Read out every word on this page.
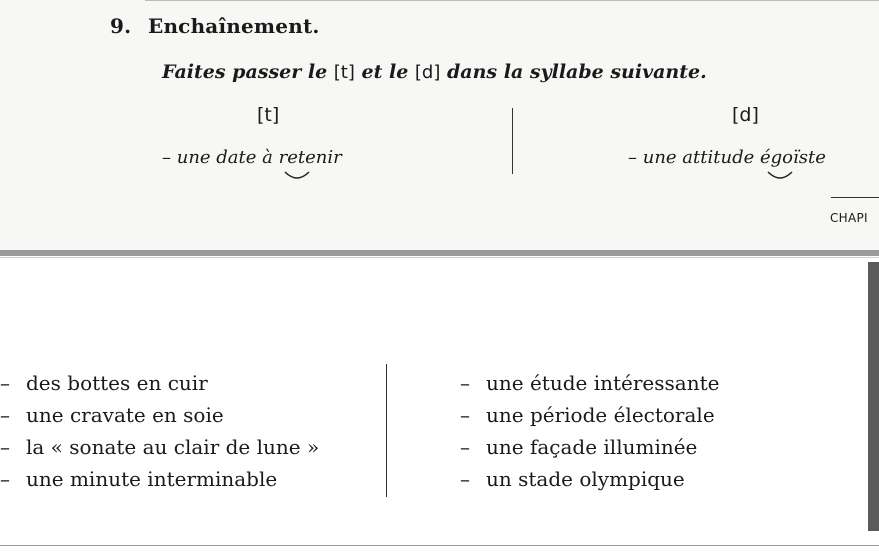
9. Enchaînement.
Faites passer le [t] et le [d] dans la syllabe suivante.
[t]	[d]
– une date à retenir	– une attitude égoïste
CHAPI
– des bottes en cuir
– une cravate en soie
– la « sonate au clair de lune »
– une minute interminable
– une étude intéressante
– une période électorale
– une façade illuminée
– un stade olympique
